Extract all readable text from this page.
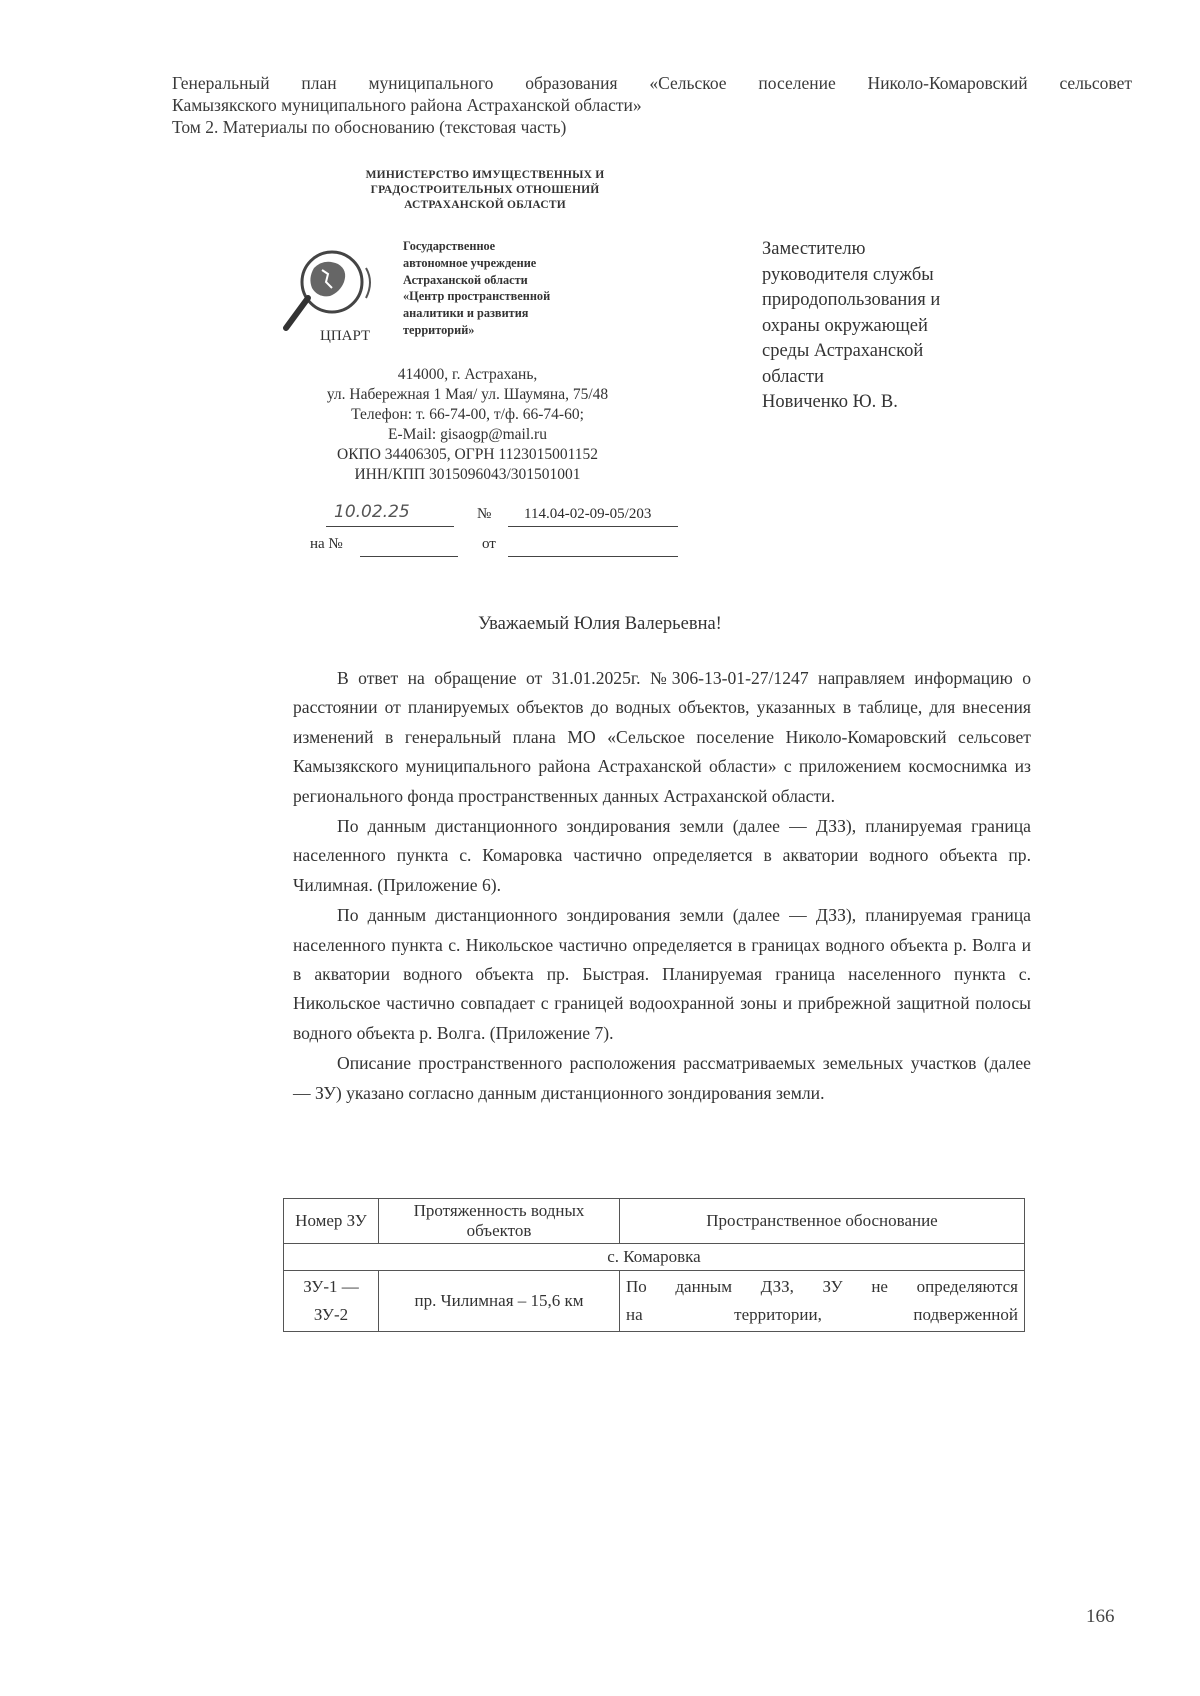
Генеральный план муниципального образования «Сельское поселение Николо-Комаровский сельсовет
Камызякского муниципального района Астраханской области»
Том 2. Материалы по обоснованию (текстовая часть)
МИНИСТЕРСТВО ИМУЩЕСТВЕННЫХ И
ГРАДОСТРОИТЕЛЬНЫХ ОТНОШЕНИЙ
АСТРАХАНСКОЙ ОБЛАСТИ
ЦПАРТ
Государственное
автономное учреждение
Астраханской области
«Центр пространственной
аналитики и развития
территорий»
414000, г. Астрахань,
ул. Набережная 1 Мая/ ул. Шаумяна, 75/48
Телефон: т. 66-74-00, т/ф. 66-74-60;
E-Mail: gisaogp@mail.ru
ОКПО 34406305, ОГРН 1123015001152
ИНН/КПП 3015096043/301501001
10.02.25	№ 114.04-02-09-05/203
на №	от
Заместителю
руководителя службы
природопользования и
охраны окружающей
среды Астраханской
области
Новиченко Ю. В.
Уважаемый Юлия Валерьевна!

В ответ на обращение от 31.01.2025г. №306-13-01-27/1247 направляем информацию о расстоянии от планируемых объектов до водных объектов, указанных в таблице, для внесения изменений в генеральный плана МО «Сельское поселение Николо-Комаровский сельсовет Камызякского муниципального района Астраханской области» с приложением космоснимка из регионального фонда пространственных данных Астраханской области.

По данным дистанционного зондирования земли (далее — ДЗЗ), планируемая граница населенного пункта с. Комаровка частично определяется в акватории водного объекта пр. Чилимная. (Приложение 6).

По данным дистанционного зондирования земли (далее — ДЗЗ), планируемая граница населенного пункта с. Никольское частично определяется в границах водного объекта р. Волга и в акватории водного объекта пр. Быстрая. Планируемая граница населенного пункта с. Никольское частично совпадает с границей водоохранной зоны и прибрежной защитной полосы водного объекта р. Волга. (Приложение 7).

Описание пространственного расположения рассматриваемых земельных участков (далее — ЗУ) указано согласно данным дистанционного зондирования земли.

Номер ЗУ	Протяженность водных объектов	Пространственное обоснование
с. Комаровка		
ЗУ-1 — ЗУ-2	пр. Чилимная – 15,6 км	По данным ДЗЗ, ЗУ не определяются
на территории, подверженной
166
